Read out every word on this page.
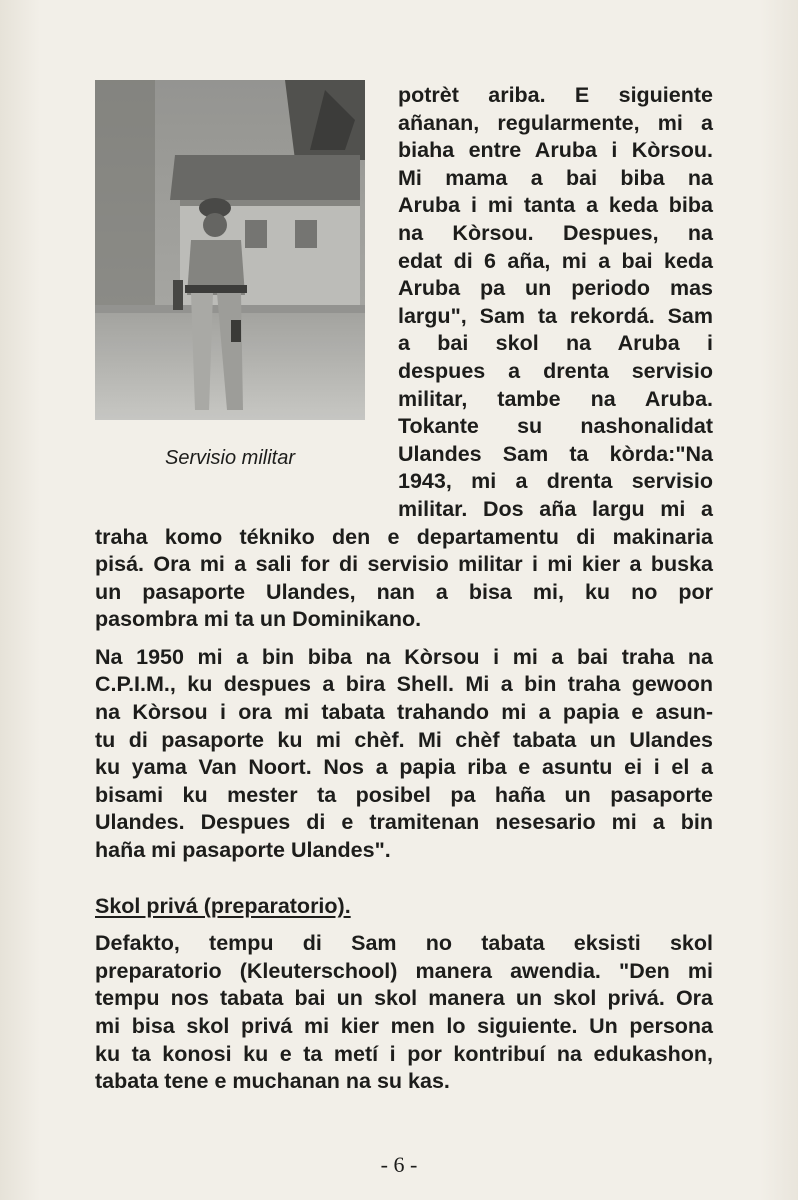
Servisio militar
potrèt ariba. E siguiente
añanan, regularmente, mi a
biaha entre Aruba i Kòrsou.
Mi mama a bai biba na
Aruba i mi tanta a keda biba
na Kòrsou. Despues, na
edat di 6 aña, mi a bai keda
Aruba pa un periodo mas
largu", Sam ta rekordá. Sam
a bai skol na Aruba i
despues a drenta servisio
militar, tambe na Aruba.
Tokante su nashonalidat
Ulandes Sam ta kòrda:"Na
1943, mi a drenta servisio
militar. Dos aña largu mi a
traha komo tékniko den e departamentu di makinaria
pisá. Ora mi a sali for di servisio militar i mi kier a buska
un pasaporte Ulandes, nan a bisa mi, ku no por
pasombra mi ta un Dominikano.
Na 1950 mi a bin biba na Kòrsou i mi a bai traha na
C.P.I.M., ku despues a bira Shell. Mi a bin traha gewoon
na Kòrsou i ora mi tabata trahando mi a papia e asun-
tu di pasaporte ku mi chèf. Mi chèf tabata un Ulandes
ku yama Van Noort. Nos a papia riba e asuntu ei i el a
bisami ku mester ta posibel pa haña un pasaporte
Ulandes. Despues di e tramitenan nesesario mi a bin
haña mi pasaporte Ulandes".
Skol privá (preparatorio).
Defakto, tempu di Sam no tabata eksisti skol
preparatorio (Kleuterschool) manera awendia. "Den mi
tempu nos tabata bai un skol manera un skol privá. Ora
mi bisa skol privá mi kier men lo siguiente. Un persona
ku ta konosi ku e ta metí i por kontribuí na edukashon,
tabata tene e muchanan na su kas.
- 6 -
